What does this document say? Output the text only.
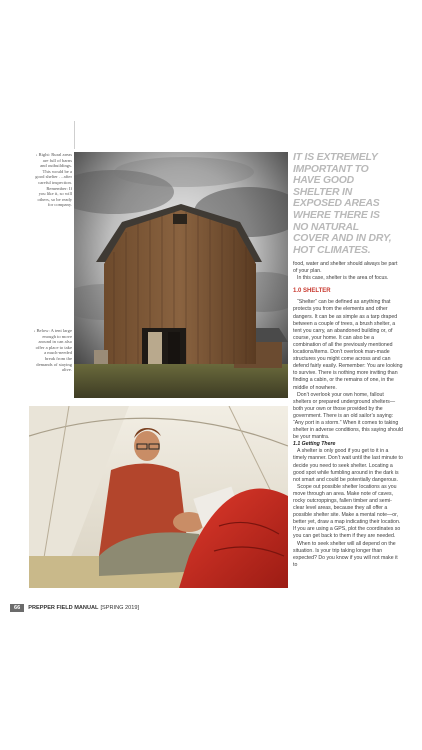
› Right: Rural areas
are full of barns
and outbuildings.
This would be a
good shelter …after
careful inspection.
Remember: If
you like it, so will
others, so be ready
for company.
› Below: A tent large
enough to move
around in can also
offer a place to take
a much-needed
break from the
demands of staying
alive.
IT IS EXTREMELY IMPORTANT TO HAVE GOOD SHELTER IN EXPOSED AREAS WHERE THERE IS NO NATURAL COVER AND IN DRY, HOT CLIMATES.

food, water and shelter should always be part of your plan.

In this case, shelter is the area of focus.

1.0 SHELTER

“Shelter” can be defined as anything that protects you from the elements and other dangers. It can be as simple as a tarp draped between a couple of trees, a brush shelter, a tent you carry, an abandoned building or, of course, your home. It can also be a combination of all the previously mentioned locations/items. Don’t overlook man-made structures you might come across and can defend fairly easily. Remember: You are looking to survive. There is nothing more inviting than finding a cabin, or the remains of one, in the middle of nowhere.

Don’t overlook your own home, fallout shelters or prepared underground shelters—both your own or those provided by the government. There is an old sailor’s saying: “Any port in a storm.” When it comes to taking shelter in adverse conditions, this saying should be your mantra.

1.1 Getting There

A shelter is only good if you get to it in a timely manner. Don’t wait until the last minute to decide you need to seek shelter. Locating a good spot while fumbling around in the dark is not smart and could be potentially dangerous.

Scope out possible shelter locations as you move through an area. Make note of caves, rocky outcroppings, fallen timber and semi-clear level areas, because they all offer a possible shelter site. Make a mental note—or, better yet, draw a map indicating their location. If you are using a GPS, plot the coordinates so you can get back to them if they are needed.

When to seek shelter will all depend on the situation. Is your trip taking longer than expected? Do you know if you will not make it to

66	PREPPER FIELD MANUAL [SPRING 2019]
